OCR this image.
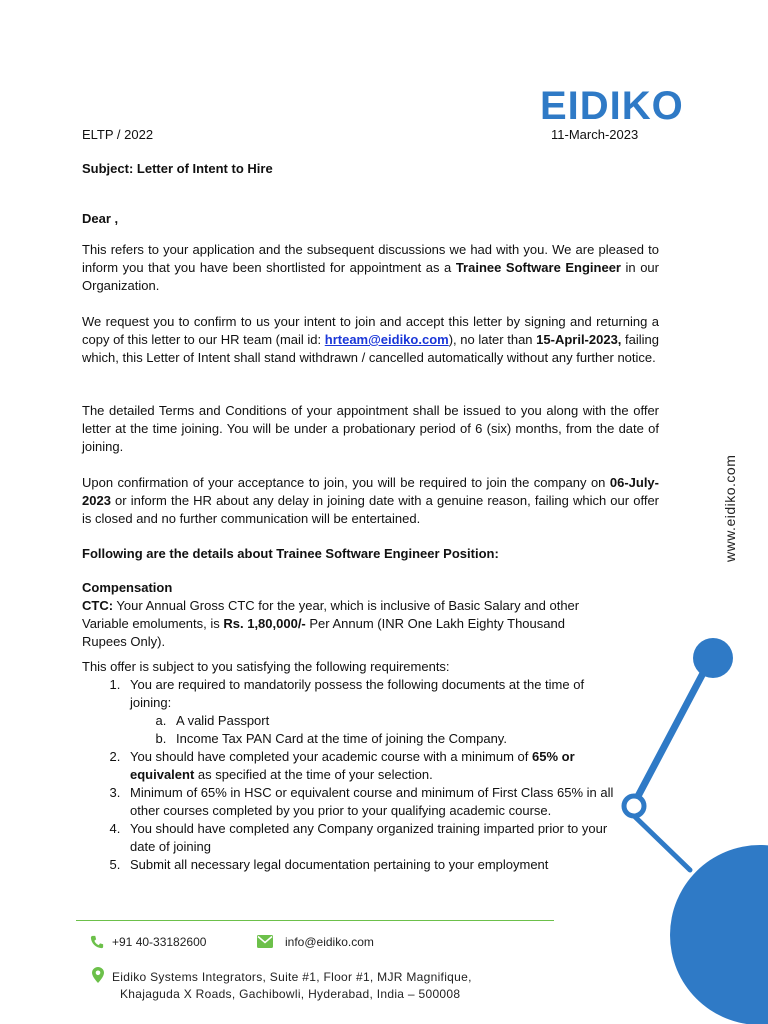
EIDIKO
ELTP / 2022	11-March-2023
www.eidiko.com
Subject: Letter of Intent to Hire
Dear ,
This refers to your application and the subsequent discussions we had with you. We are pleased to inform you that you have been shortlisted for appointment as a Trainee Software Engineer in our Organization.
We request you to confirm to us your intent to join and accept this letter by signing and returning a copy of this letter to our HR team (mail id: hrteam@eidiko.com), no later than 15-April-2023, failing which, this Letter of Intent shall stand withdrawn / cancelled automatically without any further notice.
The detailed Terms and Conditions of your appointment shall be issued to you along with the offer letter at the time joining. You will be under a probationary period of 6 (six) months, from the date of joining.
Upon confirmation of your acceptance to join, you will be required to join the company on 06-July-2023 or inform the HR about any delay in joining date with a genuine reason, failing which our offer is closed and no further communication will be entertained.
Following are the details about Trainee Software Engineer Position:
Compensation
CTC: Your Annual Gross CTC for the year, which is inclusive of Basic Salary and other Variable emoluments, is Rs. 1,80,000/- Per Annum (INR One Lakh Eighty Thousand Rupees Only).
This offer is subject to you satisfying the following requirements:
1. You are required to mandatorily possess the following documents at the time of joining:
a. A valid Passport
b. Income Tax PAN Card at the time of joining the Company.
2. You should have completed your academic course with a minimum of 65% or equivalent as specified at the time of your selection.
3. Minimum of 65% in HSC or equivalent course and minimum of First Class 65% in all other courses completed by you prior to your qualifying academic course.
4. You should have completed any Company organized training imparted prior to your date of joining
5. Submit all necessary legal documentation pertaining to your employment
+91 40-33182600	info@eidiko.com
Eidiko Systems Integrators, Suite #1, Floor #1, MJR Magnifique,
Khajaguda X Roads, Gachibowli, Hyderabad, India – 500008
